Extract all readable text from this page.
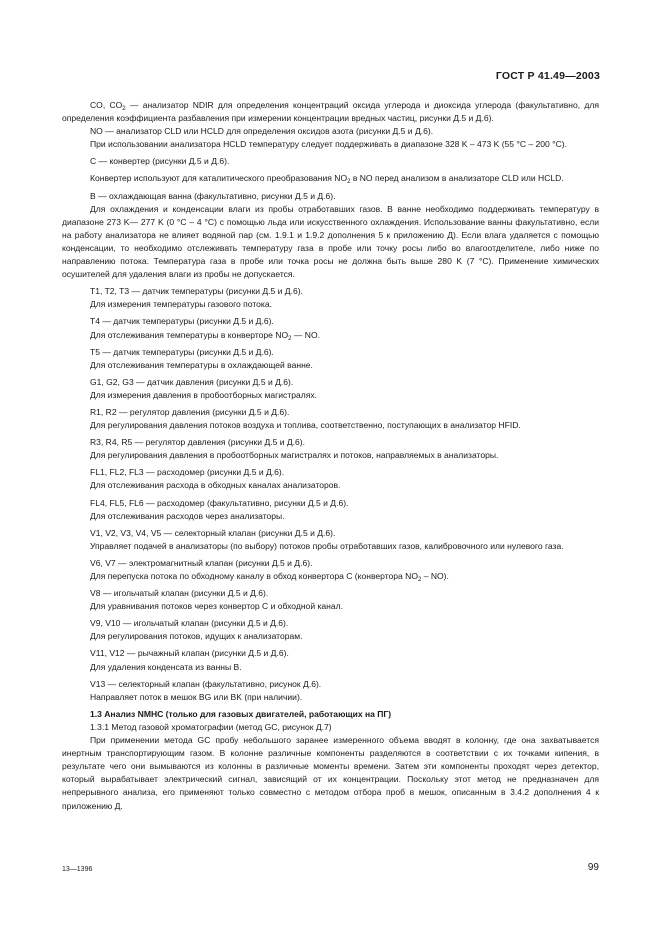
ГОСТ Р 41.49—2003

CO, $CO_2$ — анализатор NDIR для определения концентраций оксида углерода и диоксида углерода (факультативно, для определения коэффициента разбавления при измерении концентрации вредных частиц, рисунки Д.5 и Д.6).

NO — анализатор CLD или HCLD для определения оксидов азота (рисунки Д.5 и Д.6).

При использовании анализатора HCLD температуру следует поддерживать в диапазоне 328 K – 473 K (55 °C – 200 °C).

C — конвертер (рисунки Д.5 и Д.6).

Конвертер используют для каталитического преобразования $NO_2$ в NO перед анализом в анализаторе CLD или HCLD.

B — охлаждающая ванна (факультативно, рисунки Д.5 и Д.6).

Для охлаждения и конденсации влаги из пробы отработавших газов. В ванне необходимо поддерживать температуру в диапазоне 273 K— 277 K (0 °C – 4 °C) с помощью льда или искусственного охлаждения. Использование ванны факультативно, если на работу анализатора не влияет водяной пар (см. 1.9.1 и 1.9.2 дополнения 5 к приложению Д). Если влага удаляется с помощью конденсации, то необходимо отслеживать температуру газа в пробе или точку росы либо во влагоотделителе, либо ниже по направлению потока. Температура газа в пробе или точка росы не должна быть выше 280 K (7 °C). Применение химических осушителей для удаления влаги из пробы не допускается.

T1, T2, T3 — датчик температуры (рисунки Д.5 и Д.6).

Для измерения температуры газового потока.

T4 — датчик температуры (рисунки Д.5 и Д.6).

Для отслеживания температуры в конверторе $NO_2$ — NO.

T5 — датчик температуры (рисунки Д.5 и Д.6).

Для отслеживания температуры в охлаждающей ванне.

G1, G2, G3 — датчик давления (рисунки Д.5 и Д.6).

Для измерения давления в пробоотборных магистралях.

R1, R2 — регулятор давления (рисунки Д.5 и Д.6).

Для регулирования давления потоков воздуха и топлива, соответственно, поступающих в анализатор HFID.

R3, R4, R5 — регулятор давления (рисунки Д.5 и Д.6).

Для регулирования давления в пробоотборных магистралях и потоков, направляемых в анализаторы.

FL1, FL2, FL3 — расходомер (рисунки Д.5 и Д.6).

Для отслеживания расхода в обходных каналах анализаторов.

FL4, FL5, FL6 — расходомер (факультативно, рисунки Д.5 и Д.6).

Для отслеживания расходов через анализаторы.

V1, V2, V3, V4, V5 — селекторный клапан (рисунки Д.5 и Д.6).

Управляет подачей в анализаторы (по выбору) потоков пробы отработавших газов, калибровочного или нулевого газа.

V6, V7 — электромагнитный клапан (рисунки Д.5 и Д.6).

Для перепуска потока по обходному каналу в обход конвертора C (конвертора $NO_2 - NO$).

V8 — игольчатый клапан (рисунки Д.5 и Д.6).

Для уравнивания потоков через конвертор C и обходной канал.

V9, V10 — игольчатый клапан (рисунки Д.5 и Д.6).

Для регулирования потоков, идущих к анализаторам.

V11, V12 — рычажный клапан (рисунки Д.5 и Д.6).

Для удаления конденсата из ванны B.

V13 — селекторный клапан (факультативно, рисунок Д.6).

Направляет поток в мешок BG или BK (при наличии).

1.3 Анализ NMHC (только для газовых двигателей, работающих на ПГ)

1.3.1 Метод газовой хроматографии (метод GC, рисунок Д.7)

При применении метода GC пробу небольшого заранее измеренного объема вводят в колонну, где она захватывается инертным транспортирующим газом. В колонне различные компоненты разделяются в соответствии с их точками кипения, в результате чего они вымываются из колонны в различные моменты времени. Затем эти компоненты проходят через детектор, который вырабатывает электрический сигнал, зависящий от их концентрации. Поскольку этот метод не предназначен для непрерывного анализа, его применяют только совместно с методом отбора проб в мешок, описанным в 3.4.2 дополнения 4 к приложению Д.

13—1396	99
